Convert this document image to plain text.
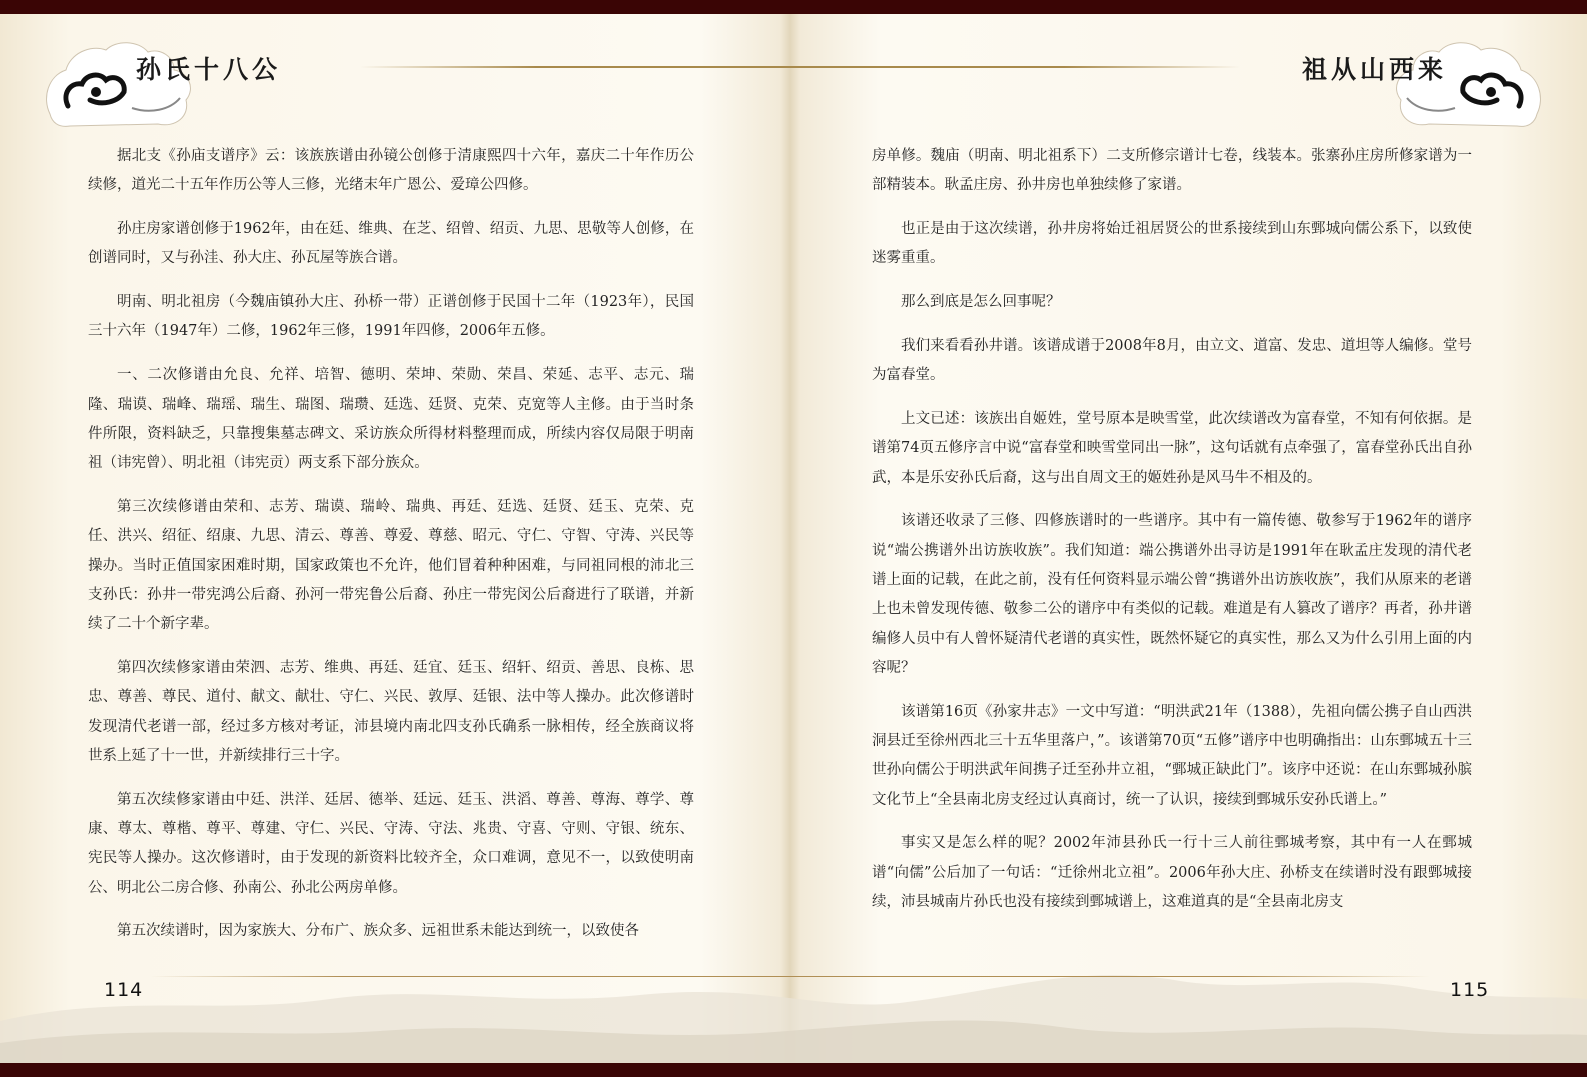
孙氏十八公	祖从山西来

据北支《孙庙支谱序》云：该族族谱由孙镜公创修于清康熙四十六年，嘉庆二十年作历公续修，道光二十五年作历公等人三修，光绪末年广恩公、爱璋公四修。

孙庄房家谱创修于1962年，由在廷、维典、在芝、绍曾、绍贡、九思、思敬等人创修，在创谱同时，又与孙洼、孙大庄、孙瓦屋等族合谱。

明南、明北祖房（今魏庙镇孙大庄、孙桥一带）正谱创修于民国十二年（1923年），民国三十六年（1947年）二修，1962年三修，1991年四修，2006年五修。

一、二次修谱由允良、允祥、培智、德明、荣坤、荣勋、荣昌、荣延、志平、志元、瑞隆、瑞谟、瑞峰、瑞瑶、瑞生、瑞图、瑞瓒、廷选、廷贤、克荣、克宽等人主修。由于当时条件所限，资料缺乏，只靠搜集墓志碑文、采访族众所得材料整理而成，所续内容仅局限于明南祖（讳宪曾）、明北祖（讳宪贡）两支系下部分族众。

第三次续修谱由荣和、志芳、瑞谟、瑞岭、瑞典、再廷、廷选、廷贤、廷玉、克荣、克任、洪兴、绍征、绍康、九思、清云、尊善、尊爱、尊慈、昭元、守仁、守智、守涛、兴民等操办。当时正值国家困难时期，国家政策也不允许，他们冒着种种困难，与同祖同根的沛北三支孙氏：孙井一带宪鸿公后裔、孙河一带宪鲁公后裔、孙庄一带宪闵公后裔进行了联谱，并新续了二十个新字辈。

第四次续修家谱由荣泗、志芳、维典、再廷、廷宜、廷玉、绍轩、绍贡、善思、良栋、思忠、尊善、尊民、道付、献文、献壮、守仁、兴民、敦厚、廷银、法中等人操办。此次修谱时发现清代老谱一部，经过多方核对考证，沛县境内南北四支孙氏确系一脉相传，经全族商议将世系上延了十一世，并新续排行三十字。

第五次续修家谱由中廷、洪洋、廷居、德举、廷远、廷玉、洪滔、尊善、尊海、尊学、尊康、尊太、尊楷、尊平、尊建、守仁、兴民、守涛、守法、兆贵、守喜、守则、守银、统东、宪民等人操办。这次修谱时，由于发现的新资料比较齐全，众口难调，意见不一，以致使明南公、明北公二房合修、孙南公、孙北公两房单修。

第五次续谱时，因为家族大、分布广、族众多、远祖世系未能达到统一，以致使各

房单修。魏庙（明南、明北祖系下）二支所修宗谱计七卷，线装本。张寨孙庄房所修家谱为一部精装本。耿孟庄房、孙井房也单独续修了家谱。

也正是由于这次续谱，孙井房将始迁祖居贤公的世系接续到山东鄄城向儒公系下，以致使迷雾重重。

那么到底是怎么回事呢？

我们来看看孙井谱。该谱成谱于2008年8月，由立文、道富、发忠、道坦等人编修。堂号为富春堂。

上文已述：该族出自姬姓，堂号原本是映雪堂，此次续谱改为富春堂，不知有何依据。是谱第74页五修序言中说“富春堂和映雪堂同出一脉”，这句话就有点牵强了，富春堂孙氏出自孙武，本是乐安孙氏后裔，这与出自周文王的姬姓孙是风马牛不相及的。

该谱还收录了三修、四修族谱时的一些谱序。其中有一篇传德、敬参写于1962年的谱序说“端公携谱外出访族收族”。我们知道：端公携谱外出寻访是1991年在耿孟庄发现的清代老谱上面的记载，在此之前，没有任何资料显示端公曾“携谱外出访族收族”，我们从原来的老谱上也未曾发现传德、敬参二公的谱序中有类似的记载。难道是有人篡改了谱序？再者，孙井谱编修人员中有人曾怀疑清代老谱的真实性，既然怀疑它的真实性，那么又为什么引用上面的内容呢？

该谱第16页《孙家井志》一文中写道：“明洪武21年（1388），先祖向儒公携子自山西洪洞县迁至徐州西北三十五华里落户，”。该谱第70页“五修”谱序中也明确指出：山东鄄城五十三世孙向儒公于明洪武年间携子迁至孙井立祖，“鄄城正缺此门”。该序中还说：在山东鄄城孙膑文化节上“全县南北房支经过认真商讨，统一了认识，接续到鄄城乐安孙氏谱上。”

事实又是怎么样的呢？2002年沛县孙氏一行十三人前往鄄城考察，其中有一人在鄄城谱“向儒”公后加了一句话：“迁徐州北立祖”。2006年孙大庄、孙桥支在续谱时没有跟鄄城接续，沛县城南片孙氏也没有接续到鄄城谱上，这难道真的是“全县南北房支

114	115
